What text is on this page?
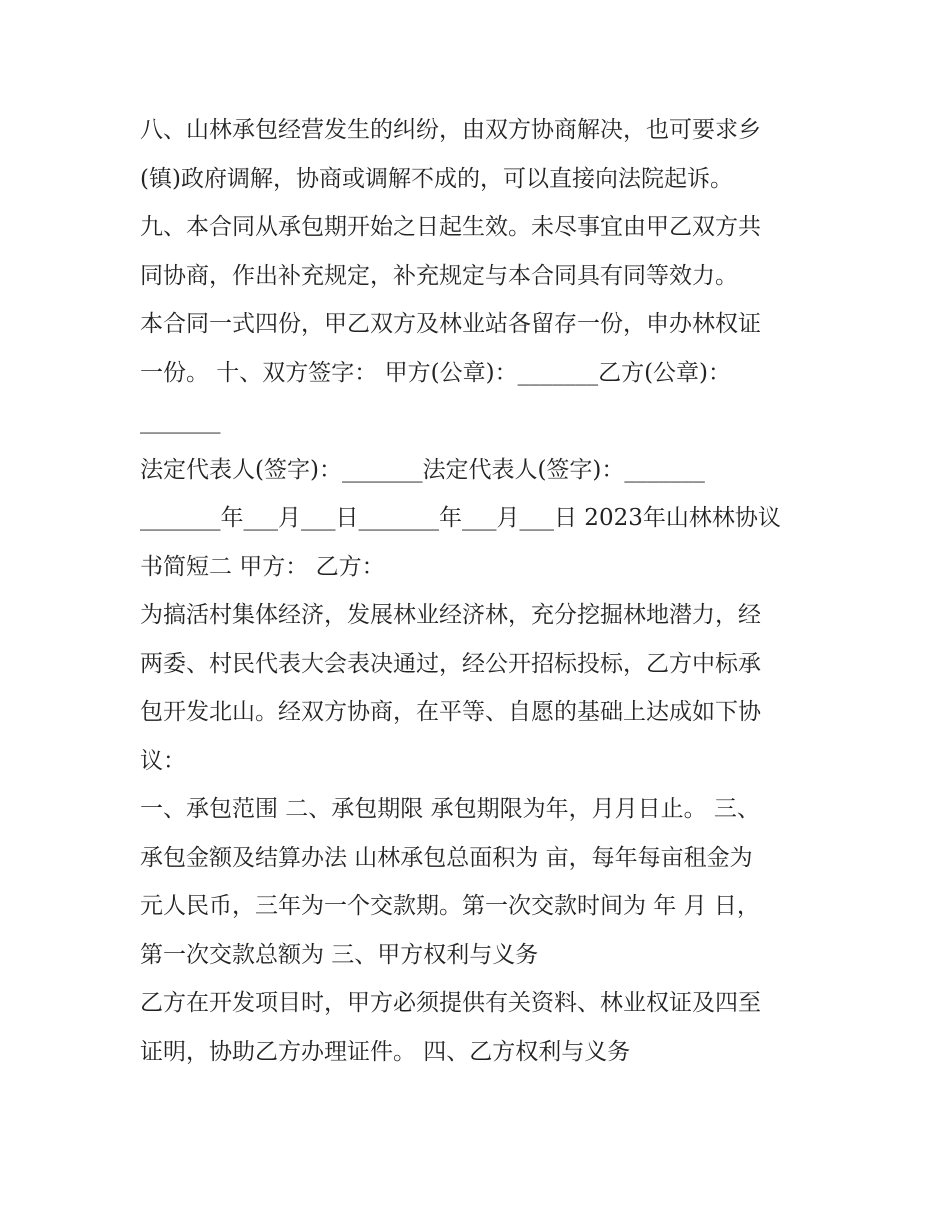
八、山林承包经营发生的纠纷，由双方协商解决，也可要求乡
(镇)政府调解，协商或调解不成的，可以直接向法院起诉。
九、本合同从承包期开始之日起生效。未尽事宜由甲乙双方共
同协商，作出补充规定，补充规定与本合同具有同等效力。
本合同一式四份，甲乙双方及林业站各留存一份，申办林权证
一份。 十、双方签字： 甲方(公章)：_______乙方(公章)：
_______
法定代表人(签字)：_______法定代表人(签字)：_______
_______年___月___日_______年___月___日 2023年山林林协议
书简短二 甲方： 乙方：
为搞活村集体经济，发展林业经济林，充分挖掘林地潜力，经
两委、村民代表大会表决通过，经公开招标投标，乙方中标承
包开发北山。经双方协商，在平等、自愿的基础上达成如下协
议：
一、承包范围 二、承包期限 承包期限为年，月月日止。 三、
承包金额及结算办法 山林承包总面积为 亩，每年每亩租金为
元人民币，三年为一个交款期。第一次交款时间为 年 月 日，
第一次交款总额为 三、甲方权利与义务
乙方在开发项目时，甲方必须提供有关资料、林业权证及四至
证明，协助乙方办理证件。 四、乙方权利与义务
